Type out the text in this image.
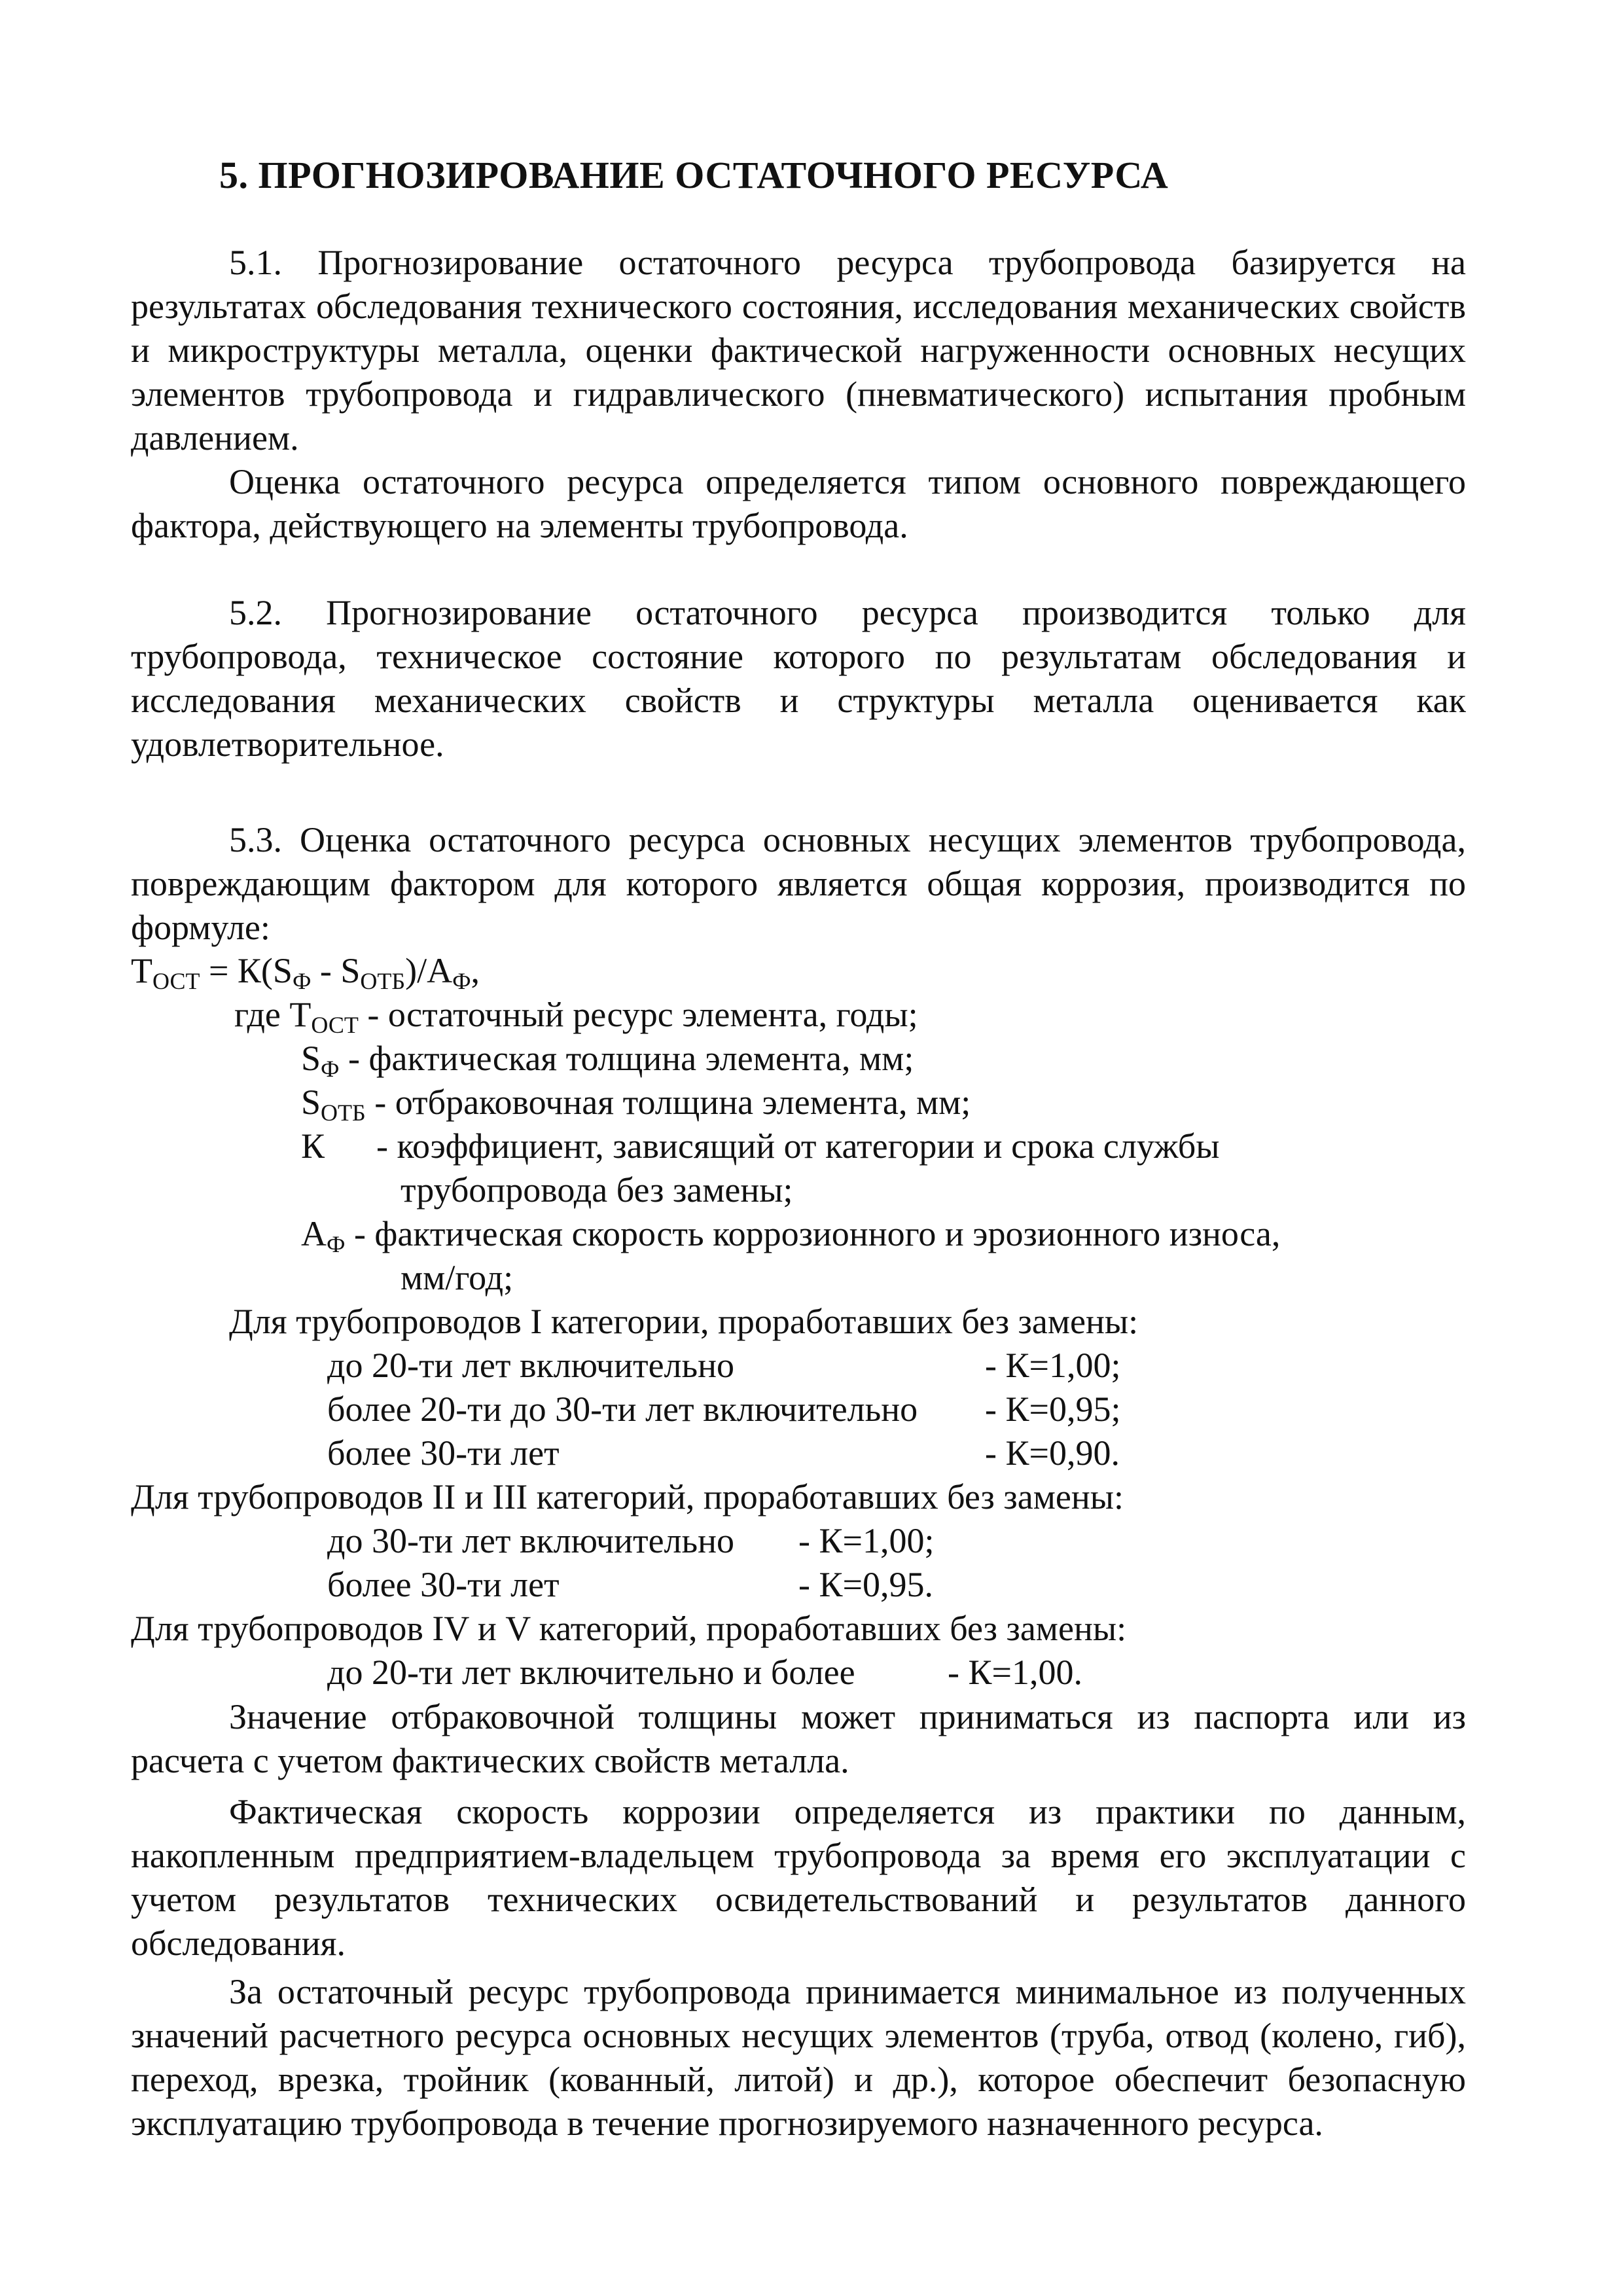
5. ПРОГНОЗИРОВАНИЕ ОСТАТОЧНОГО РЕСУРСА

5.1. Прогнозирование остаточного ресурса трубопровода базируется на результатах обследования технического состояния, исследования механических свойств и микроструктуры металла, оценки фактической нагруженности основных несущих элементов трубопровода и гидравлического (пневматического) испытания пробным давлением.

Оценка остаточного ресурса определяется типом основного повреждающего фактора, действующего на элементы трубопровода.

5.2. Прогнозирование остаточного ресурса производится только для трубопровода, техническое состояние которого по результатам обследования и исследования механических свойств и структуры металла оценивается как удовлетворительное.

5.3. Оценка остаточного ресурса основных несущих элементов трубопровода, повреждающим фактором для которого является общая коррозия, производится по формуле:

$T_{ОСТ} = К(S_Ф - S_{ОТБ})/A_Ф$,
где $T_{ОСТ}$ - остаточный ресурс элемента, годы;
$S_Ф$ - фактическая толщина элемента, мм;
$S_{ОТБ}$ - отбраковочная толщина элемента, мм;
К - коэффициент, зависящий от категории и срока службы
трубопровода без замены;
$A_Ф$ - фактическая скорость коррозионного и эрозионного износа,
мм/год;
Для трубопроводов I категории, проработавших без замены:
до 20-ти лет включительно	- К=1,00;
более 20-ти до 30-ти лет включительно - К=0,95;
более 30-ти лет	- К=0,90.
Для трубопроводов II и III категорий, проработавших без замены:
до 30-ти лет включительно - К=1,00;
более 30-ти лет	- К=0,95.
Для трубопроводов IV и V категорий, проработавших без замены:
до 20-ти лет включительно и более	- К=1,00.

Значение отбраковочной толщины может приниматься из паспорта или из расчета с учетом фактических свойств металла.

Фактическая скорость коррозии определяется из практики по данным, накопленным предприятием-владельцем трубопровода за время его эксплуатации с учетом результатов технических освидетельствований и результатов данного обследования.

За остаточный ресурс трубопровода принимается минимальное из полученных значений расчетного ресурса основных несущих элементов (труба, отвод (колено, гиб), переход, врезка, тройник (кованный, литой) и др.), которое обеспечит безопасную эксплуатацию трубопровода в течение прогнозируемого назначенного ресурса.
